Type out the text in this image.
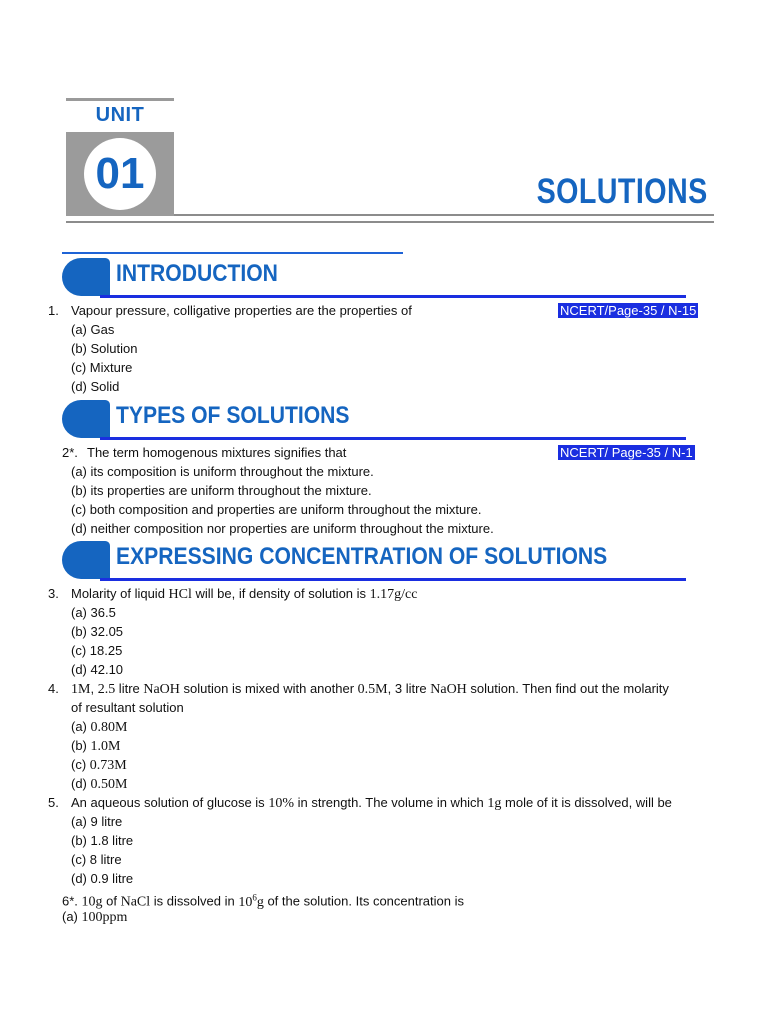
UNIT
01	SOLUTIONS
INTRODUCTION
1. Vapour pressure, colligative properties are the properties of	NCERT/Page-35 / N-15
(a) Gas
(b) Solution
(c) Mixture
(d) Solid
TYPES OF SOLUTIONS
2*. The term homogenous mixtures signifies that	NCERT/ Page-35 / N-1
(a) its composition is uniform throughout the mixture.
(b) its properties are uniform throughout the mixture.
(c) both composition and properties are uniform throughout the mixture.
(d) neither composition nor properties are uniform throughout the mixture.
EXPRESSING CONCENTRATION OF SOLUTIONS
3. Molarity of liquid HCl will be, if density of solution is 1.17g/cc
(a) 36.5
(b) 32.05
(c) 18.25
(d) 42.10
4. 1M, 2.5 litre NaOH solution is mixed with another 0.5M, 3 litre NaOH solution. Then find out the molarity
of resultant solution
(a) 0.80M
(b) 1.0M
(c) 0.73M
(d) 0.50M
5. An aqueous solution of glucose is 10% in strength. The volume in which 1g mole of it is dissolved, will be
(a) 9 litre
(b) 1.8 litre
(c) 8 litre
(d) 0.9 litre
6*. 10g of NaCl is dissolved in $10^6g$ of the solution. Its concentration is
(a) 100ppm
